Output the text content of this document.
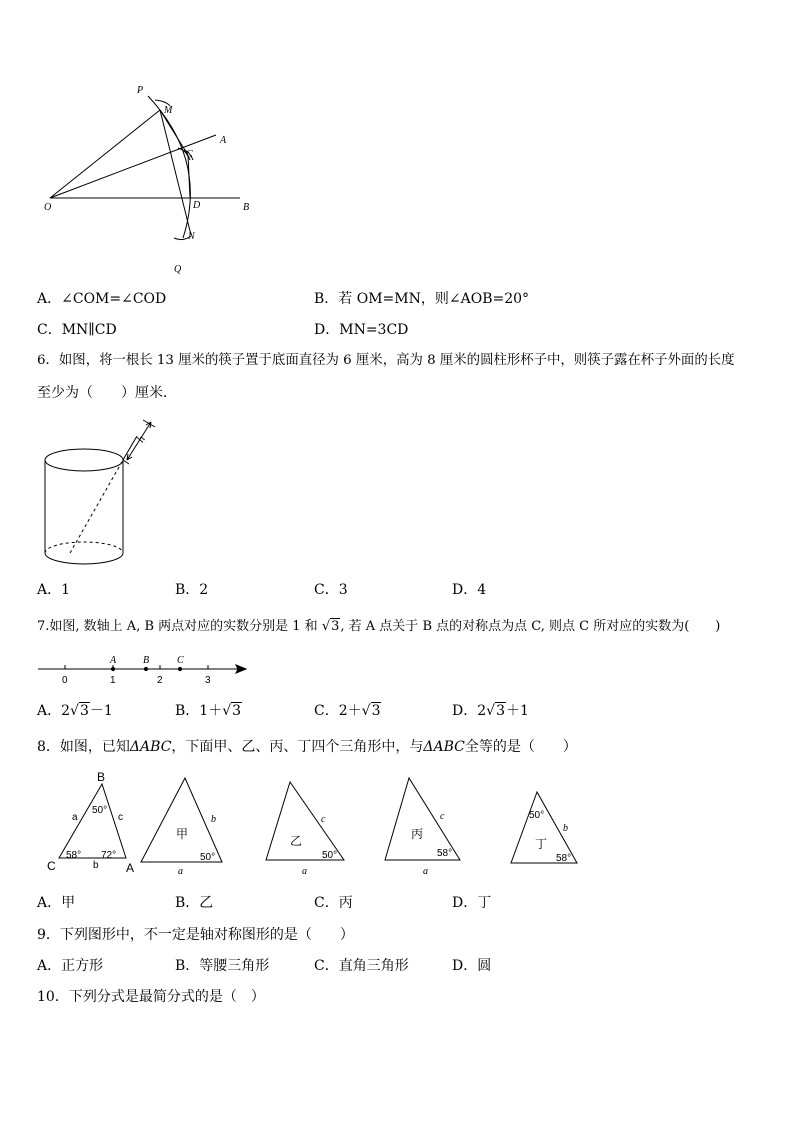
P
M
A
C
O	D	B
N
Q
A．∠COM=∠COD	B．若 OM=MN，则∠AOB=20°
C．MN∥CD	D．MN=3CD
6．如图，将一根长 13 厘米的筷子置于底面直径为 6 厘米，高为 8 厘米的圆柱形杯子中，则筷子露在杯子外面的长度
至少为（　　）厘米．
h
A．1	B．2	C．3	D．4
7.如图, 数轴上 A, B 两点对应的实数分别是 1 和 √3, 若 A 点关于 B 点的对称点为点 C, 则点 C 所对应的实数为(　　)
A	B	C
0	1	2	3
A．2√3－1	B．1＋√3	C．2＋√3	D．2√3＋1
8．如图，已知ΔABC，下面甲、乙、丙、丁四个三角形中，与ΔABC全等的是（　　）
B
C	A
a	c
b
50°
58° 72°
甲
b
a
50°
乙
c
a
50°
丙
c
a
58°
丁
b
50°
58°
A．甲	B．乙	C．丙	D．丁
9．下列图形中，不一定是轴对称图形的是（　　）
A．正方形	B．等腰三角形	C．直角三角形	D．圆
10．下列分式是最简分式的是（　）
